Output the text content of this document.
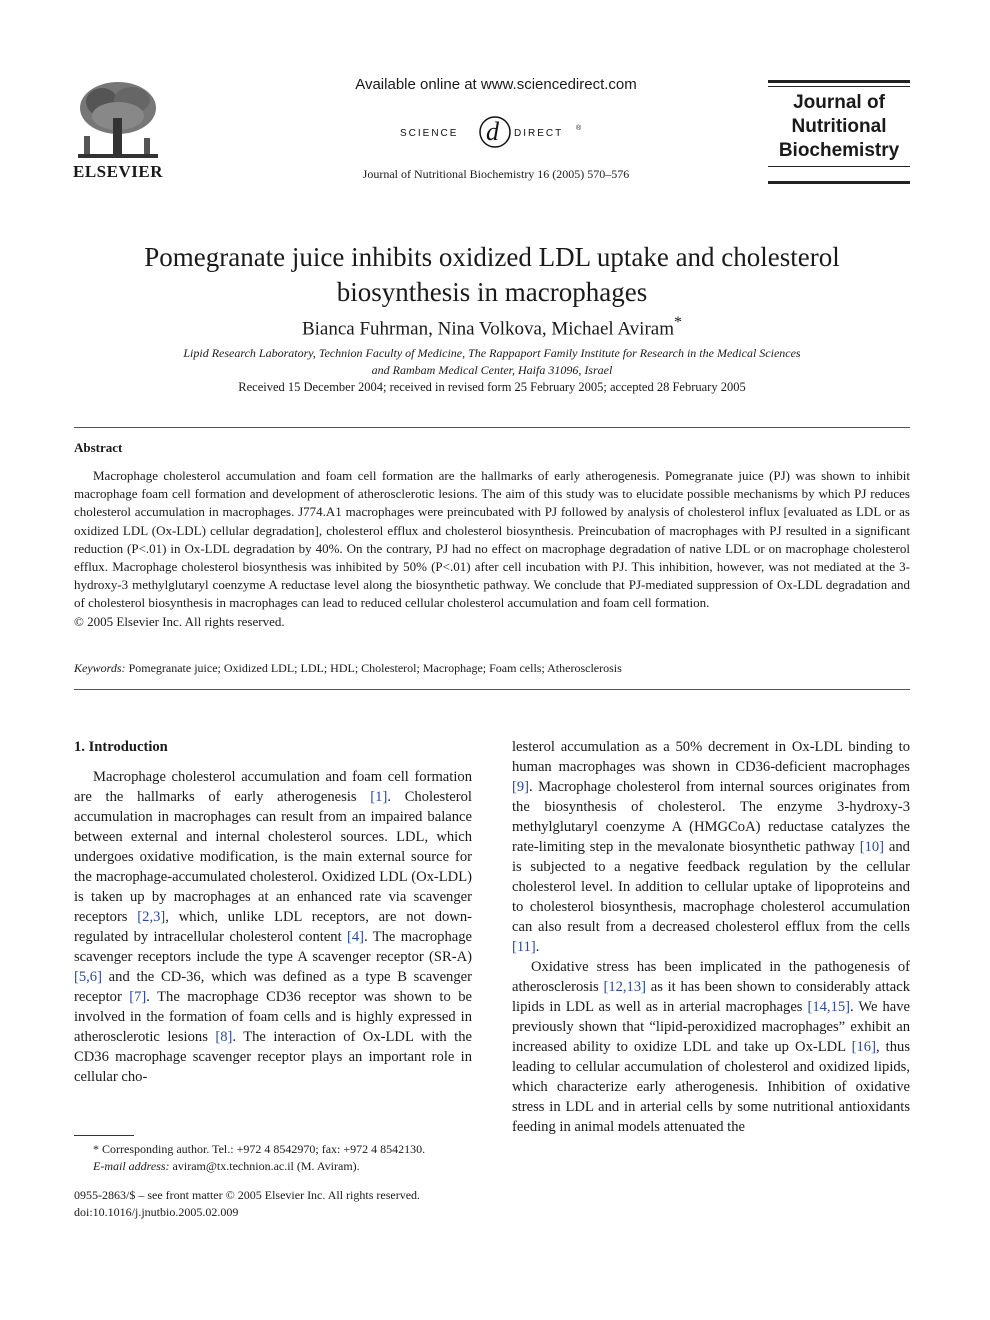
ELSEVIER
Available online at www.sciencedirect.com
SCIENCE d DIRECT ®
Journal of Nutritional Biochemistry 16 (2005) 570–576
Journal of
Nutritional
Biochemistry
Pomegranate juice inhibits oxidized LDL uptake and cholesterol
biosynthesis in macrophages
Bianca Fuhrman, Nina Volkova, Michael Aviram*
Lipid Research Laboratory, Technion Faculty of Medicine, The Rappaport Family Institute for Research in the Medical Sciences
and Rambam Medical Center, Haifa 31096, Israel
Received 15 December 2004; received in revised form 25 February 2005; accepted 28 February 2005
Abstract
Macrophage cholesterol accumulation and foam cell formation are the hallmarks of early atherogenesis. Pomegranate juice (PJ) was shown to inhibit macrophage foam cell formation and development of atherosclerotic lesions. The aim of this study was to elucidate possible mechanisms by which PJ reduces cholesterol accumulation in macrophages. J774.A1 macrophages were preincubated with PJ followed by analysis of cholesterol influx [evaluated as LDL or as oxidized LDL (Ox-LDL) cellular degradation], cholesterol efflux and cholesterol biosynthesis. Preincubation of macrophages with PJ resulted in a significant reduction (P<.01) in Ox-LDL degradation by 40%. On the contrary, PJ had no effect on macrophage degradation of native LDL or on macrophage cholesterol efflux. Macrophage cholesterol biosynthesis was inhibited by 50% (P<.01) after cell incubation with PJ. This inhibition, however, was not mediated at the 3-hydroxy-3 methylglutaryl coenzyme A reductase level along the biosynthetic pathway. We conclude that PJ-mediated suppression of Ox-LDL degradation and of cholesterol biosynthesis in macrophages can lead to reduced cellular cholesterol accumulation and foam cell formation.
© 2005 Elsevier Inc. All rights reserved.
Keywords: Pomegranate juice; Oxidized LDL; LDL; HDL; Cholesterol; Macrophage; Foam cells; Atherosclerosis
1. Introduction

Macrophage cholesterol accumulation and foam cell formation are the hallmarks of early atherogenesis [1]. Cholesterol accumulation in macrophages can result from an impaired balance between external and internal cholesterol sources. LDL, which undergoes oxidative modification, is the main external source for the macrophage-accumulated cholesterol. Oxidized LDL (Ox-LDL) is taken up by macrophages at an enhanced rate via scavenger receptors [2,3], which, unlike LDL receptors, are not down-regulated by intracellular cholesterol content [4]. The macrophage scavenger receptors include the type A scavenger receptor (SR-A) [5,6] and the CD-36, which was defined as a type B scavenger receptor [7]. The macrophage CD36 receptor was shown to be involved in the formation of foam cells and is highly expressed in atherosclerotic lesions [8]. The interaction of Ox-LDL with the CD36 macrophage scavenger receptor plays an important role in cellular cho-

lesterol accumulation as a 50% decrement in Ox-LDL binding to human macrophages was shown in CD36-deficient macrophages [9]. Macrophage cholesterol from internal sources originates from the biosynthesis of cholesterol. The enzyme 3-hydroxy-3 methylglutaryl coenzyme A (HMGCoA) reductase catalyzes the rate-limiting step in the mevalonate biosynthetic pathway [10] and is subjected to a negative feedback regulation by the cellular cholesterol level. In addition to cellular uptake of lipoproteins and to cholesterol biosynthesis, macrophage cholesterol accumulation can also result from a decreased cholesterol efflux from the cells [11].

Oxidative stress has been implicated in the pathogenesis of atherosclerosis [12,13] as it has been shown to considerably attack lipids in LDL as well as in arterial macrophages [14,15]. We have previously shown that “lipid-peroxidized macrophages” exhibit an increased ability to oxidize LDL and take up Ox-LDL [16], thus leading to cellular accumulation of cholesterol and oxidized lipids, which characterize early atherogenesis. Inhibition of oxidative stress in LDL and in arterial cells by some nutritional antioxidants feeding in animal models attenuated the

* Corresponding author. Tel.: +972 4 8542970; fax: +972 4 8542130.
E-mail address: aviram@tx.technion.ac.il (M. Aviram).
0955-2863/$ – see front matter © 2005 Elsevier Inc. All rights reserved.
doi:10.1016/j.jnutbio.2005.02.009
